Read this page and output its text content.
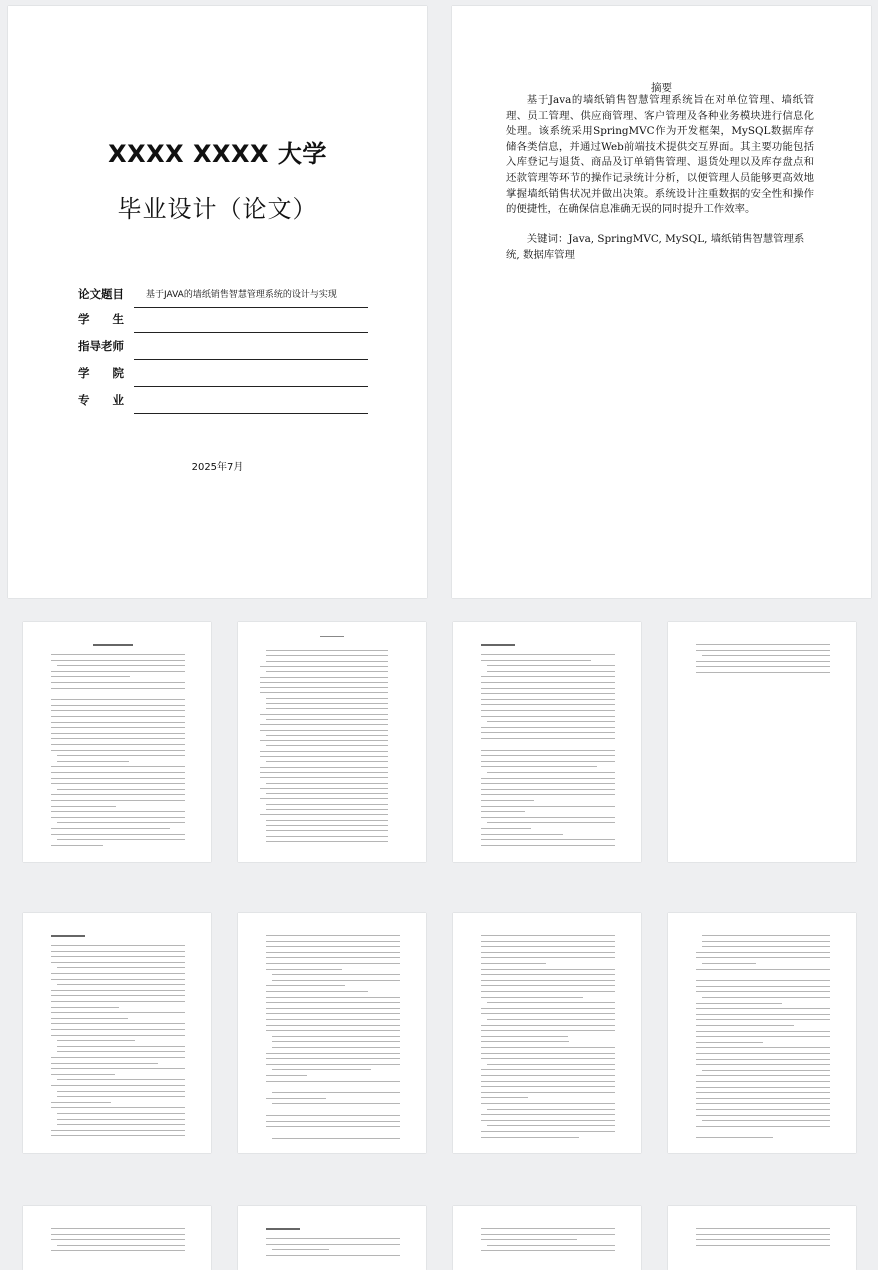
XXXX XXXX 大学
毕业设计（论文）
论文题目 基于JAVA的墙纸销售智慧管理系统的设计与实现
学生
指导老师
学院
专业
2025年7月
摘要

基于Java的墙纸销售智慧管理系统旨在对单位管理、墙纸管理、员工管理、供应商管理、客户管理及各种业务模块进行信息化处理。该系统采用SpringMVC作为开发框架，MySQL数据库存储各类信息，并通过Web前端技术提供交互界面。其主要功能包括入库登记与退货、商品及订单销售管理、退货处理以及库存盘点和还款管理等环节的操作记录统计分析，以便管理人员能够更高效地掌握墙纸销售状况并做出决策。系统设计注重数据的安全性和操作的便捷性，在确保信息准确无误的同时提升工作效率。

关键词：Java, SpringMVC, MySQL, 墙纸销售智慧管理系统, 数据库管理
